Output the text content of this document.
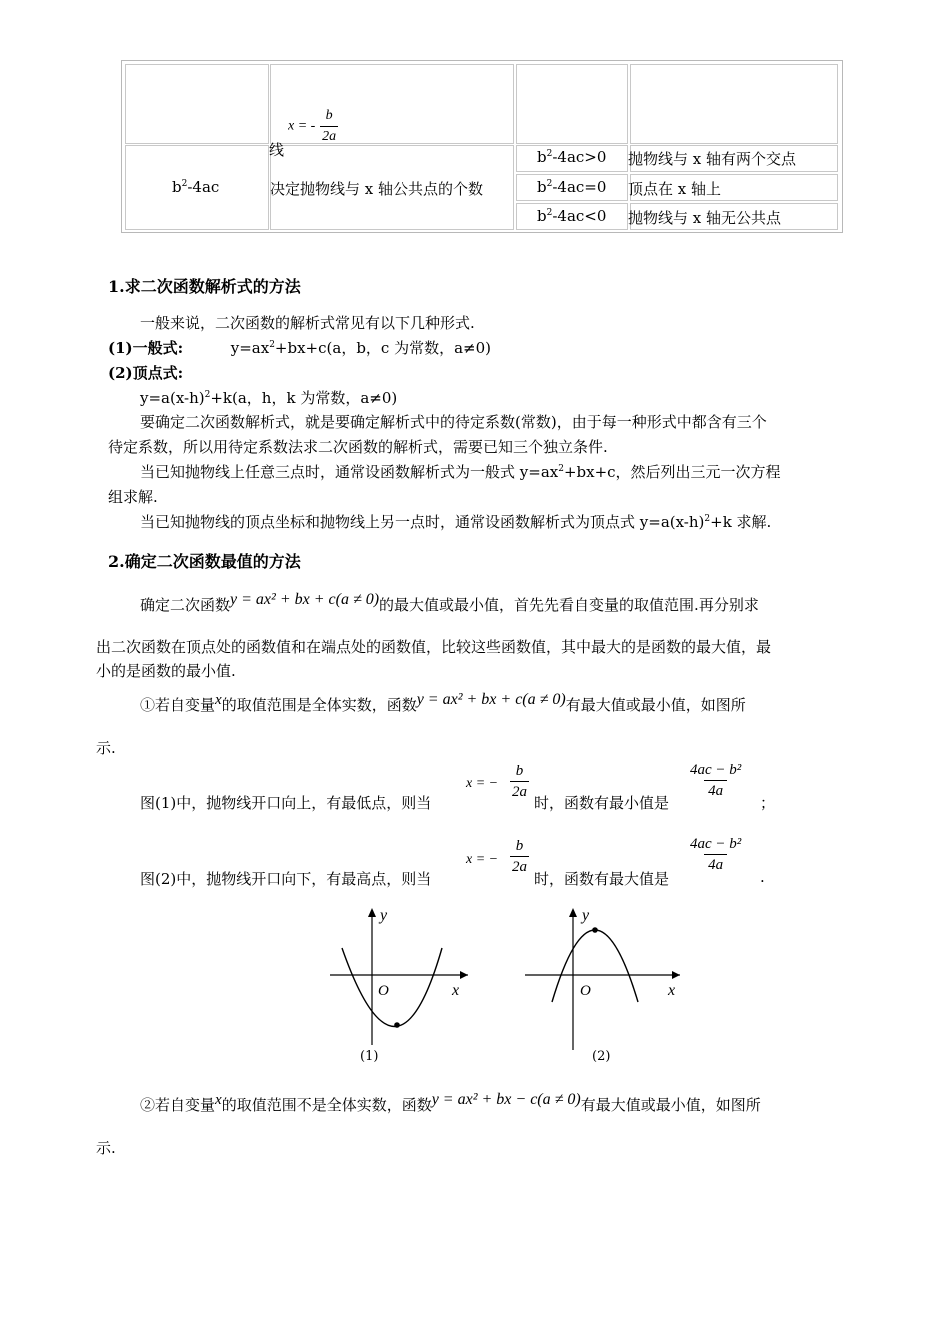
x = - $\frac{b}{2a}$
线
$b^2-4ac$	决定抛物线与 x 轴公共点的个数
$b^2-4ac>0$ 抛物线与 x 轴有两个交点
$b^2-4ac=0$ 顶点在 x 轴上
$b^2-4ac<0$ 抛物线与 x 轴无公共点
1.求二次函数解析式的方法
一般来说，二次函数的解析式常见有以下几种形式.
(1)一般式:	$y=ax^2+bx+c(a$，b，c 为常数，a≠0)
(2)顶点式:
$y=a(x-h)^2+k(a$，h，k 为常数，a≠0)
要确定二次函数解析式，就是要确定解析式中的待定系数(常数)，由于每一种形式中都含有三个
待定系数，所以用待定系数法求二次函数的解析式，需要已知三个独立条件.
当已知抛物线上任意三点时，通常设函数解析式为一般式 $y=ax^2+bx+c$，然后列出三元一次方程
组求解.
当已知抛物线的顶点坐标和抛物线上另一点时，通常设函数解析式为顶点式 $y=a(x-h)^2+k$ 求解.
2.确定二次函数最值的方法
确定二次函数y = ax² + bx + c(a ≠ 0)的最大值或最小值，首先先看自变量的取值范围.再分别求
出二次函数在顶点处的函数值和在端点处的函数值，比较这些函数值，其中最大的是函数的最大值，最
小的是函数的最小值.
①若自变量x的取值范围是全体实数，函数y = ax² + bx + c(a ≠ 0)有最大值或最小值，如图所
示.
图(1)中，抛物线开口向上，有最低点，则当
x = − $\frac{b}{2a}$
时，函数有最小值是
$\frac{\text{4ac − b²}}{4a}$
；
图(2)中，抛物线开口向下，有最高点，则当
x = − $\frac{b}{2a}$
时，函数有最大值是
$\frac{\text{4ac − b²}}{4a}$
.
y
O	x
(1)
y
O	x
(2)
②若自变量x的取值范围不是全体实数，函数y = ax² + bx − c(a ≠ 0)有最大值或最小值，如图所
示.
